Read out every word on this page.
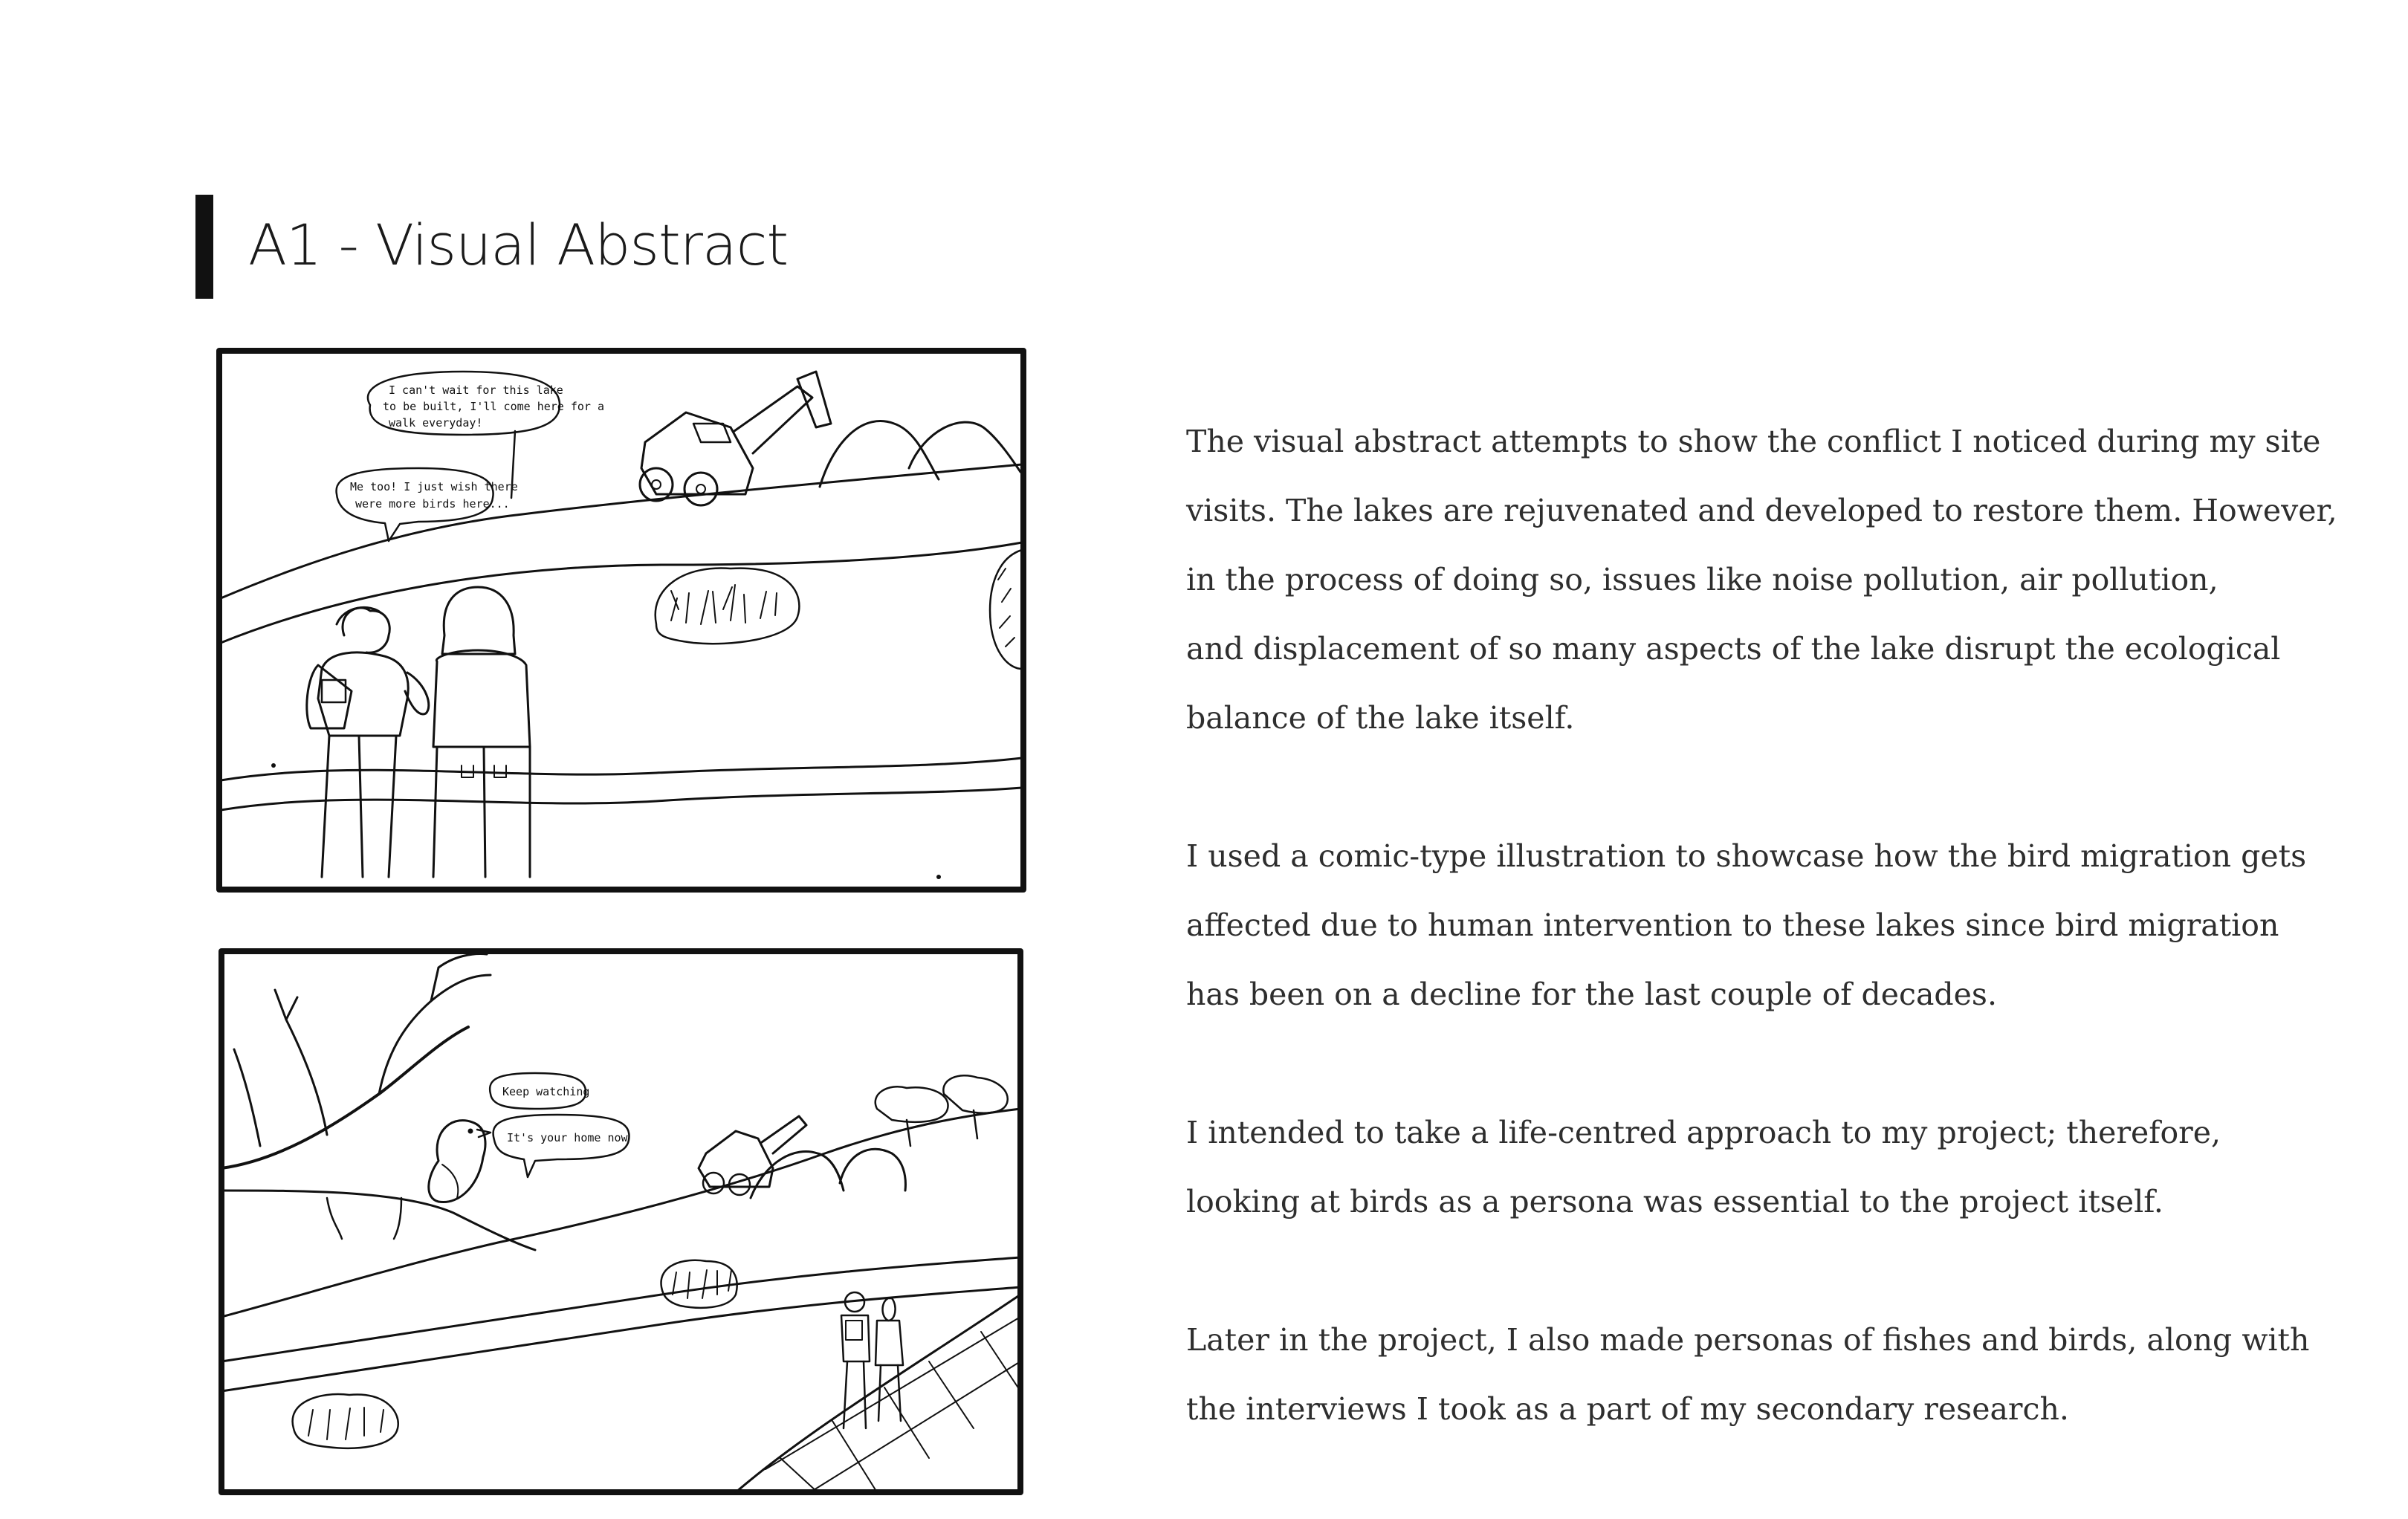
A1 - Visual Abstract
I can't wait for this lake
to be built, I'll come here for a
walk everyday!
Me too! I just wish there
were more birds here...
Keep watching
It's your home now

The visual abstract attempts to show the conflict I noticed during my site
visits. The lakes are rejuvenated and developed to restore them. However,
in the process of doing so, issues like noise pollution, air pollution,
and displacement of so many aspects of the lake disrupt the ecological
balance of the lake itself.

I used a comic-type illustration to showcase how the bird migration gets
affected due to human intervention to these lakes since bird migration
has been on a decline for the last couple of decades.

I intended to take a life-centred approach to my project; therefore,
looking at birds as a persona was essential to the project itself.

Later in the project, I also made personas of fishes and birds, along with
the interviews I took as a part of my secondary research.
